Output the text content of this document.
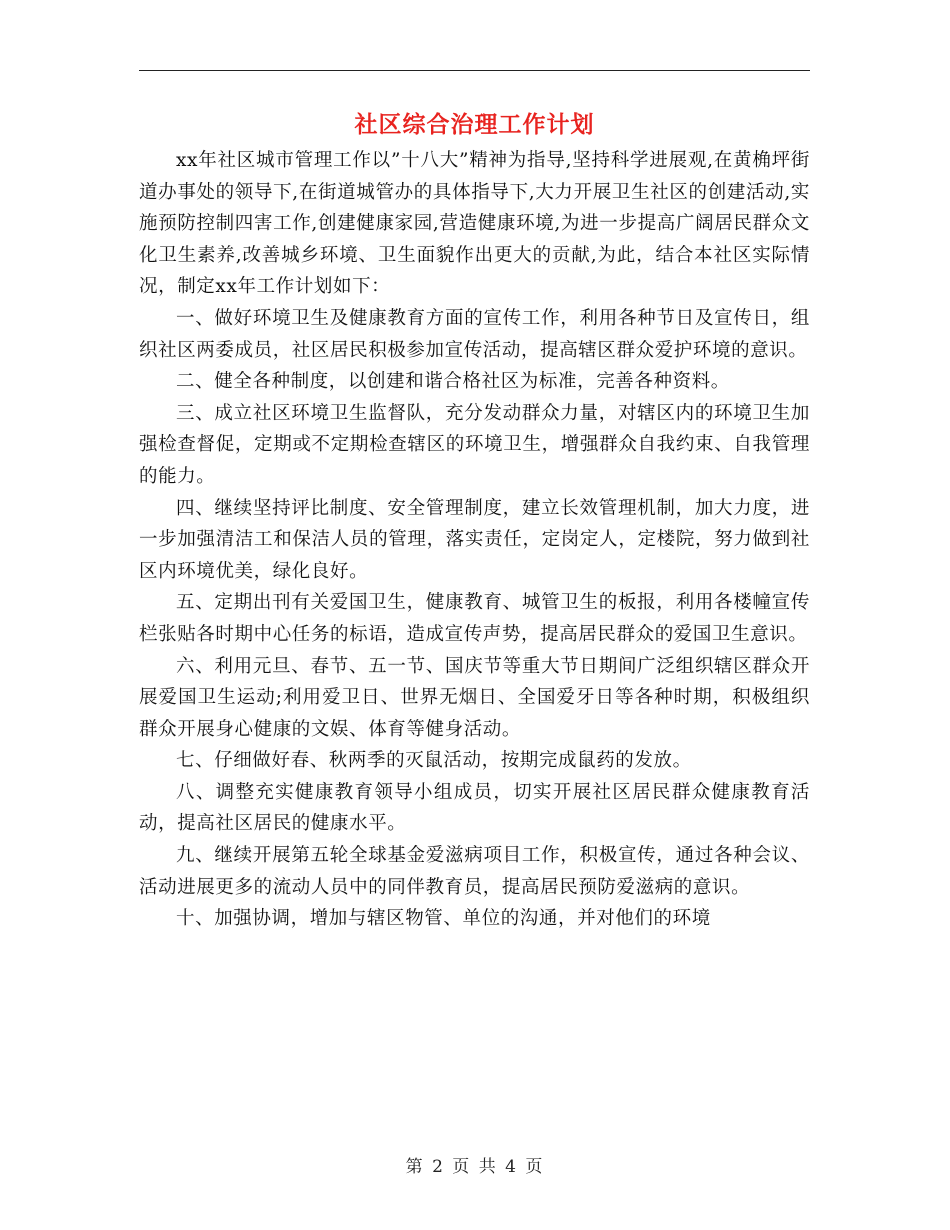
社区综合治理工作计划

xx年社区城市管理工作以”十八大”精神为指导,坚持科学进展观,在黄桷坪街道办事处的领导下,在街道城管办的具体指导下,大力开展卫生社区的创建活动,实施预防控制四害工作,创建健康家园,营造健康环境,为进一步提高广阔居民群众文化卫生素养,改善城乡环境、卫生面貌作出更大的贡献,为此，结合本社区实际情况，制定xx年工作计划如下：

一、做好环境卫生及健康教育方面的宣传工作，利用各种节日及宣传日，组织社区两委成员，社区居民积极参加宣传活动，提高辖区群众爱护环境的意识。

二、健全各种制度，以创建和谐合格社区为标准，完善各种资料。

三、成立社区环境卫生监督队，充分发动群众力量，对辖区内的环境卫生加强检查督促，定期或不定期检查辖区的环境卫生，增强群众自我约束、自我管理的能力。

四、继续坚持评比制度、安全管理制度，建立长效管理机制，加大力度，进一步加强清洁工和保洁人员的管理，落实责任，定岗定人，定楼院，努力做到社区内环境优美，绿化良好。

五、定期出刊有关爱国卫生，健康教育、城管卫生的板报，利用各楼幢宣传栏张贴各时期中心任务的标语，造成宣传声势，提高居民群众的爱国卫生意识。

六、利用元旦、春节、五一节、国庆节等重大节日期间广泛组织辖区群众开展爱国卫生运动;利用爱卫日、世界无烟日、全国爱牙日等各种时期，积极组织群众开展身心健康的文娱、体育等健身活动。

七、仔细做好春、秋两季的灭鼠活动，按期完成鼠药的发放。

八、调整充实健康教育领导小组成员，切实开展社区居民群众健康教育活动，提高社区居民的健康水平。

九、继续开展第五轮全球基金爱滋病项目工作，积极宣传，通过各种会议、活动进展更多的流动人员中的同伴教育员，提高居民预防爱滋病的意识。

十、加强协调，增加与辖区物管、单位的沟通，并对他们的环境

第 2 页 共 4 页
